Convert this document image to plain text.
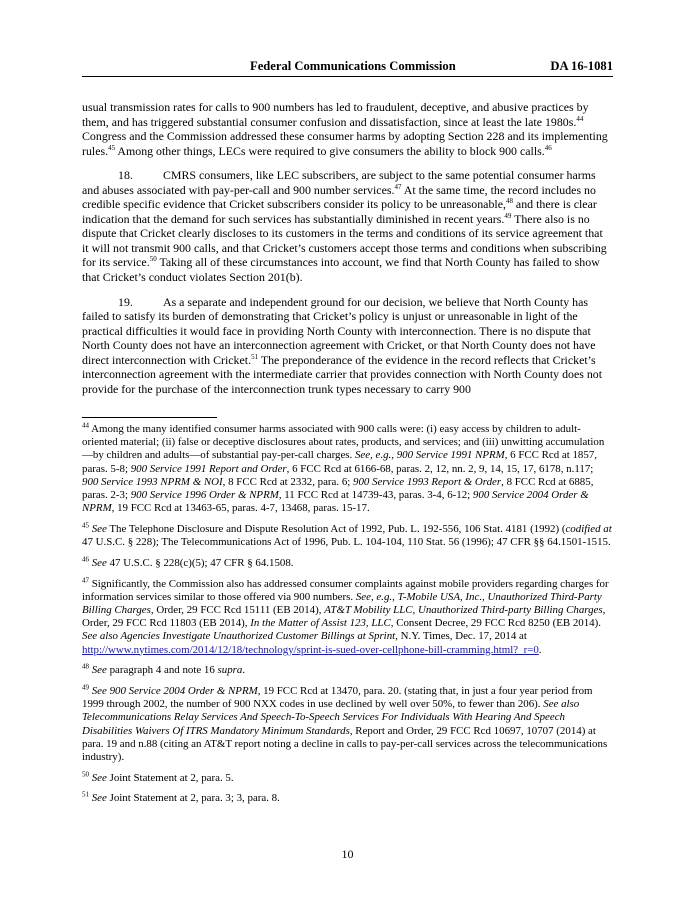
Federal Communications Commission	DA 16-1081

usual transmission rates for calls to 900 numbers has led to fraudulent, deceptive, and abusive practices by them, and has triggered substantial consumer confusion and dissatisfaction, since at least the late 1980s.$^{44}$ Congress and the Commission addressed these consumer harms by adopting Section 228 and its implementing rules.$^{45}$ Among other things, LECs were required to give consumers the ability to block 900 calls.$^{46}$

18.	CMRS consumers, like LEC subscribers, are subject to the same potential consumer harms and abuses associated with pay-per-call and 900 number services.$^{47}$ At the same time, the record includes no credible specific evidence that Cricket subscribers consider its policy to be unreasonable,$^{48}$ and there is clear indication that the demand for such services has substantially diminished in recent years.$^{49}$ There also is no dispute that Cricket clearly discloses to its customers in the terms and conditions of its service agreement that it will not transmit 900 calls, and that Cricket’s customers accept those terms and conditions when subscribing for its service.$^{50}$ Taking all of these circumstances into account, we find that North County has failed to show that Cricket’s conduct violates Section 201(b).

19.	As a separate and independent ground for our decision, we believe that North County has failed to satisfy its burden of demonstrating that Cricket’s policy is unjust or unreasonable in light of the practical difficulties it would face in providing North County with interconnection. There is no dispute that North County does not have an interconnection agreement with Cricket, or that North County does not have direct interconnection with Cricket.$^{51}$ The preponderance of the evidence in the record reflects that Cricket’s interconnection agreement with the intermediate carrier that provides connection with North County does not provide for the purchase of the interconnection trunk types necessary to carry 900

$^{44}$ Among the many identified consumer harms associated with 900 calls were: (i) easy access by children to adult-oriented material; (ii) false or deceptive disclosures about rates, products, and services; and (iii) unwitting accumulation—by children and adults—of substantial pay-per-call charges. See, e.g., 900 Service 1991 NPRM, 6 FCC Rcd at 1857, paras. 5-8; 900 Service 1991 Report and Order, 6 FCC Rcd at 6166-68, paras. 2, 12, nn. 2, 9, 14, 15, 17, 6178, n.117; 900 Service 1993 NPRM & NOI, 8 FCC Rcd at 2332, para. 6; 900 Service 1993 Report & Order, 8 FCC Rcd at 6885, paras. 2-3; 900 Service 1996 Order & NPRM, 11 FCC Rcd at 14739-43, paras. 3-4, 6-12; 900 Service 2004 Order & NPRM, 19 FCC Rcd at 13463-65, paras. 4-7, 13468, paras. 15-17.
$^{45}$ See The Telephone Disclosure and Dispute Resolution Act of 1992, Pub. L. 192-556, 106 Stat. 4181 (1992) (codified at 47 U.S.C. § 228); The Telecommunications Act of 1996, Pub. L. 104-104, 110 Stat. 56 (1996); 47 CFR §§ 64.1501-1515.
$^{46}$ See 47 U.S.C. § 228(c)(5); 47 CFR § 64.1508.
$^{47}$ Significantly, the Commission also has addressed consumer complaints against mobile providers regarding charges for information services similar to those offered via 900 numbers. See, e.g., T-Mobile USA, Inc., Unauthorized Third-Party Billing Charges, Order, 29 FCC Rcd 15111 (EB 2014), AT&T Mobility LLC, Unauthorized Third-party Billing Charges, Order, 29 FCC Rcd 11803 (EB 2014), In the Matter of Assist 123, LLC, Consent Decree, 29 FCC Rcd 8250 (EB 2014). See also Agencies Investigate Unauthorized Customer Billings at Sprint, N.Y. Times, Dec. 17, 2014 at http://www.nytimes.com/2014/12/18/technology/sprint-is-sued-over-cellphone-bill-cramming.html?_r=0.
$^{48}$ See paragraph 4 and note 16 supra.
$^{49}$ See 900 Service 2004 Order & NPRM, 19 FCC Rcd at 13470, para. 20. (stating that, in just a four year period from 1999 through 2002, the number of 900 NXX codes in use declined by well over 50%, to fewer than 206). See also Telecommunications Relay Services And Speech-To-Speech Services For Individuals With Hearing And Speech Disabilities Waivers Of ITRS Mandatory Minimum Standards, Report and Order, 29 FCC Rcd 10697, 10707 (2014) at para. 19 and n.88 (citing an AT&T report noting a decline in calls to pay-per-call services across the telecommunications industry).
$^{50}$ See Joint Statement at 2, para. 5.
$^{51}$ See Joint Statement at 2, para. 3; 3, para. 8.
10
